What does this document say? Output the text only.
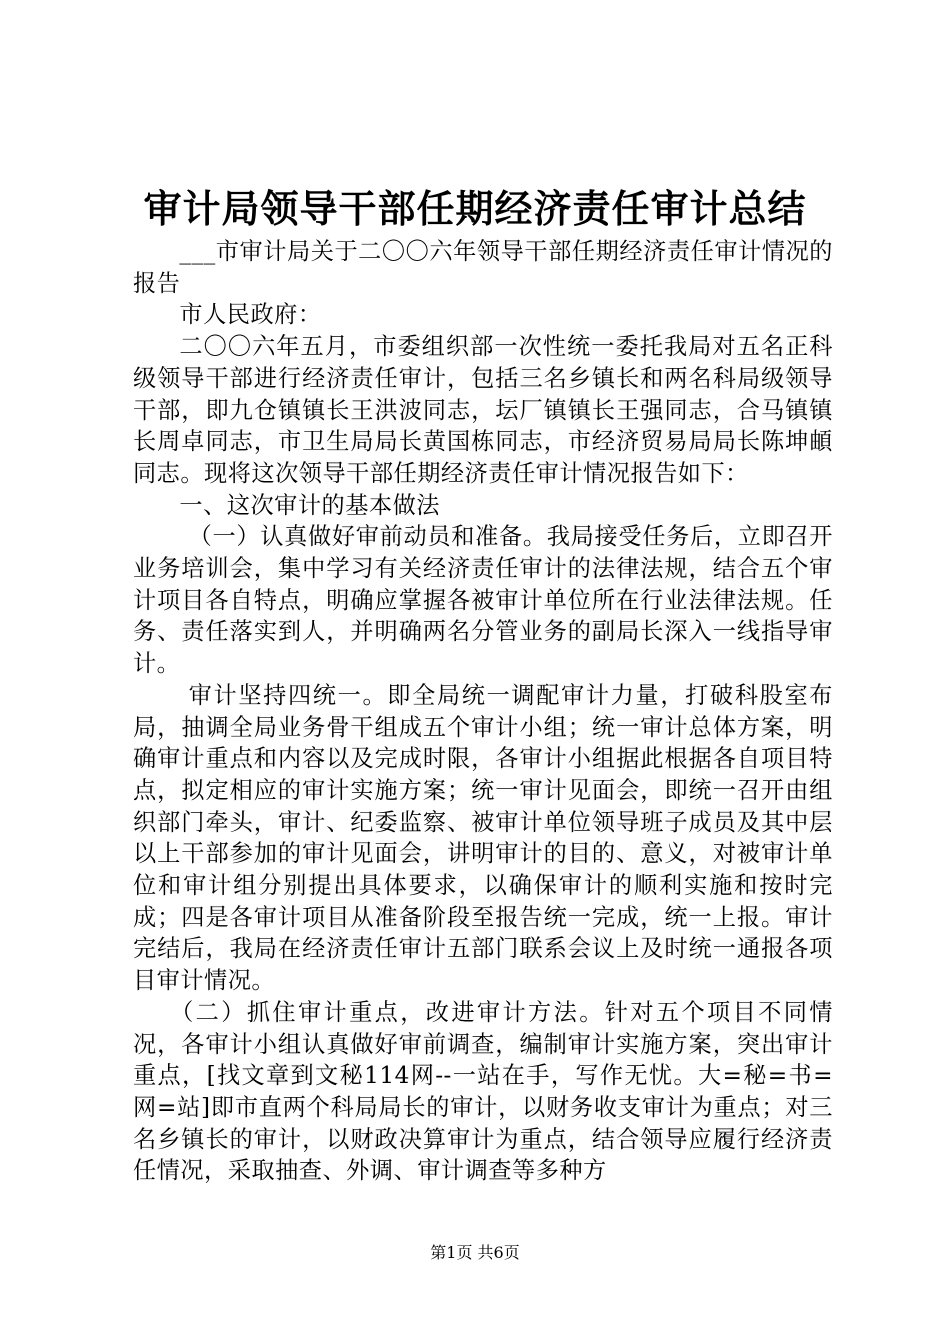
审计局领导干部任期经济责任审计总结

___市审计局关于二〇〇六年领导干部任期经济责任审计情况的报告

市人民政府：

二〇〇六年五月，市委组织部一次性统一委托我局对五名正科级领导干部进行经济责任审计，包括三名乡镇长和两名科局级领导干部，即九仓镇镇长王洪波同志，坛厂镇镇长王强同志，合马镇镇长周卓同志，市卫生局局长黄国栋同志，市经济贸易局局长陈坤頔同志。现将这次领导干部任期经济责任审计情况报告如下：

一、这次审计的基本做法

（一）认真做好审前动员和准备。我局接受任务后，立即召开业务培训会，集中学习有关经济责任审计的法律法规，结合五个审计项目各自特点，明确应掌握各被审计单位所在行业法律法规。任务、责任落实到人，并明确两名分管业务的副局长深入一线指导审计。

审计坚持四统一。即全局统一调配审计力量，打破科股室布局，抽调全局业务骨干组成五个审计小组；统一审计总体方案，明确审计重点和内容以及完成时限，各审计小组据此根据各自项目特点，拟定相应的审计实施方案；统一审计见面会，即统一召开由组织部门牵头，审计、纪委监察、被审计单位领导班子成员及其中层以上干部参加的审计见面会，讲明审计的目的、意义，对被审计单位和审计组分别提出具体要求，以确保审计的顺利实施和按时完成；四是各审计项目从准备阶段至报告统一完成，统一上报。审计完结后，我局在经济责任审计五部门联系会议上及时统一通报各项目审计情况。

（二）抓住审计重点，改进审计方法。针对五个项目不同情况，各审计小组认真做好审前调查，编制审计实施方案，突出审计重点，[找文章到文秘114网--一站在手，写作无忧。大=秘=书=网=站]即市直两个科局局长的审计，以财务收支审计为重点；对三名乡镇长的审计，以财政决算审计为重点，结合领导应履行经济责任情况，采取抽查、外调、审计调查等多种方

第1页 共6页
